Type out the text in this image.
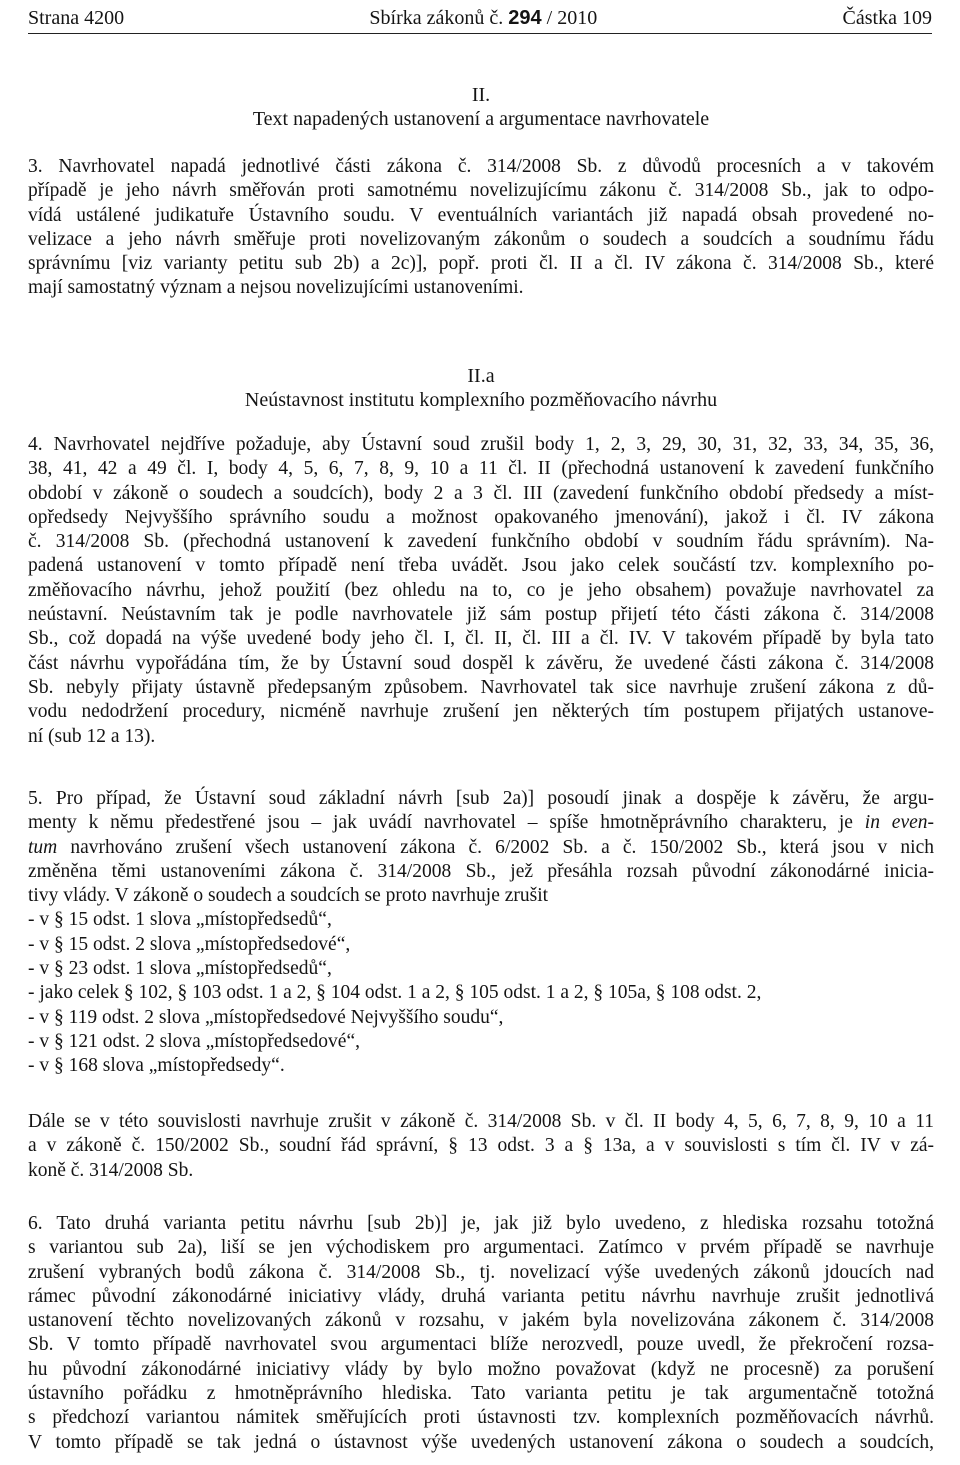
Strana 4200	Sbírka zákonů č. 294 / 2010	Částka 109
II.
Text napadených ustanovení a argumentace navrhovatele
3. Navrhovatel napadá jednotlivé části zákona č. 314/2008 Sb. z důvodů procesních a v takovém
případě je jeho návrh směřován proti samotnému novelizujícímu zákonu č. 314/2008 Sb., jak to odpo-
vídá ustálené judikatuře Ústavního soudu. V eventuálních variantách již napadá obsah provedené no-
velizace a jeho návrh směřuje proti novelizovaným zákonům o soudech a soudcích a soudnímu řádu
správnímu [viz varianty petitu sub 2b) a 2c)], popř. proti čl. II a čl. IV zákona č. 314/2008 Sb., které
mají samostatný význam a nejsou novelizujícími ustanoveními.
II.a
Neústavnost institutu komplexního pozměňovacího návrhu
4. Navrhovatel nejdříve požaduje, aby Ústavní soud zrušil body 1, 2, 3, 29, 30, 31, 32, 33, 34, 35, 36,
38, 41, 42 a 49 čl. I, body 4, 5, 6, 7, 8, 9, 10 a 11 čl. II (přechodná ustanovení k zavedení funkčního
období v zákoně o soudech a soudcích), body 2 a 3 čl. III (zavedení funkčního období předsedy a míst-
opředsedy Nejvyššího správního soudu a možnost opakovaného jmenování), jakož i čl. IV zákona
č. 314/2008 Sb. (přechodná ustanovení k zavedení funkčního období v soudním řádu správním). Na-
padená ustanovení v tomto případě není třeba uvádět. Jsou jako celek součástí tzv. komplexního po-
změňovacího návrhu, jehož použití (bez ohledu na to, co je jeho obsahem) považuje navrhovatel za
neústavní. Neústavním tak je podle navrhovatele již sám postup přijetí této části zákona č. 314/2008
Sb., což dopadá na výše uvedené body jeho čl. I, čl. II, čl. III a čl. IV. V takovém případě by byla tato
část návrhu vypořádána tím, že by Ústavní soud dospěl k závěru, že uvedené části zákona č. 314/2008
Sb. nebyly přijaty ústavně předepsaným způsobem. Navrhovatel tak sice navrhuje zrušení zákona z dů-
vodu nedodržení procedury, nicméně navrhuje zrušení jen některých tím postupem přijatých ustanove-
ní (sub 12 a 13).
5. Pro případ, že Ústavní soud základní návrh [sub 2a)] posoudí jinak a dospěje k závěru, že argu-
menty k němu předestřené jsou – jak uvádí navrhovatel – spíše hmotněprávního charakteru, je in even-
tum navrhováno zrušení všech ustanovení zákona č. 6/2002 Sb. a č. 150/2002 Sb., která jsou v nich
změněna těmi ustanoveními zákona č. 314/2008 Sb., jež přesáhla rozsah původní zákonodárné inicia-
tivy vlády. V zákoně o soudech a soudcích se proto navrhuje zrušit
- v § 15 odst. 1 slova „místopředsedů“,
- v § 15 odst. 2 slova „místopředsedové“,
- v § 23 odst. 1 slova „místopředsedů“,
- jako celek § 102, § 103 odst. 1 a 2, § 104 odst. 1 a 2, § 105 odst. 1 a 2, § 105a, § 108 odst. 2,
- v § 119 odst. 2 slova „místopředsedové Nejvyššího soudu“,
- v § 121 odst. 2 slova „místopředsedové“,
- v § 168 slova „místopředsedy“.
Dále se v této souvislosti navrhuje zrušit v zákoně č. 314/2008 Sb. v čl. II body 4, 5, 6, 7, 8, 9, 10 a 11
a v zákoně č. 150/2002 Sb., soudní řád správní, § 13 odst. 3 a § 13a, a v souvislosti s tím čl. IV v zá-
koně č. 314/2008 Sb.
6. Tato druhá varianta petitu návrhu [sub 2b)] je, jak již bylo uvedeno, z hlediska rozsahu totožná
s variantou sub 2a), liší se jen východiskem pro argumentaci. Zatímco v prvém případě se navrhuje
zrušení vybraných bodů zákona č. 314/2008 Sb., tj. novelizací výše uvedených zákonů jdoucích nad
rámec původní zákonodárné iniciativy vlády, druhá varianta petitu návrhu navrhuje zrušit jednotlivá
ustanovení těchto novelizovaných zákonů v rozsahu, v jakém byla novelizována zákonem č. 314/2008
Sb. V tomto případě navrhovatel svou argumentaci blíže nerozvedl, pouze uvedl, že překročení rozsa-
hu původní zákonodárné iniciativy vlády by bylo možno považovat (když ne procesně) za porušení
ústavního pořádku z hmotněprávního hlediska. Tato varianta petitu je tak argumentačně totožná
s předchozí variantou námitek směřujících proti ústavnosti tzv. komplexních pozměňovacích návrhů.
V tomto případě se tak jedná o ústavnost výše uvedených ustanovení zákona o soudech a soudcích,
